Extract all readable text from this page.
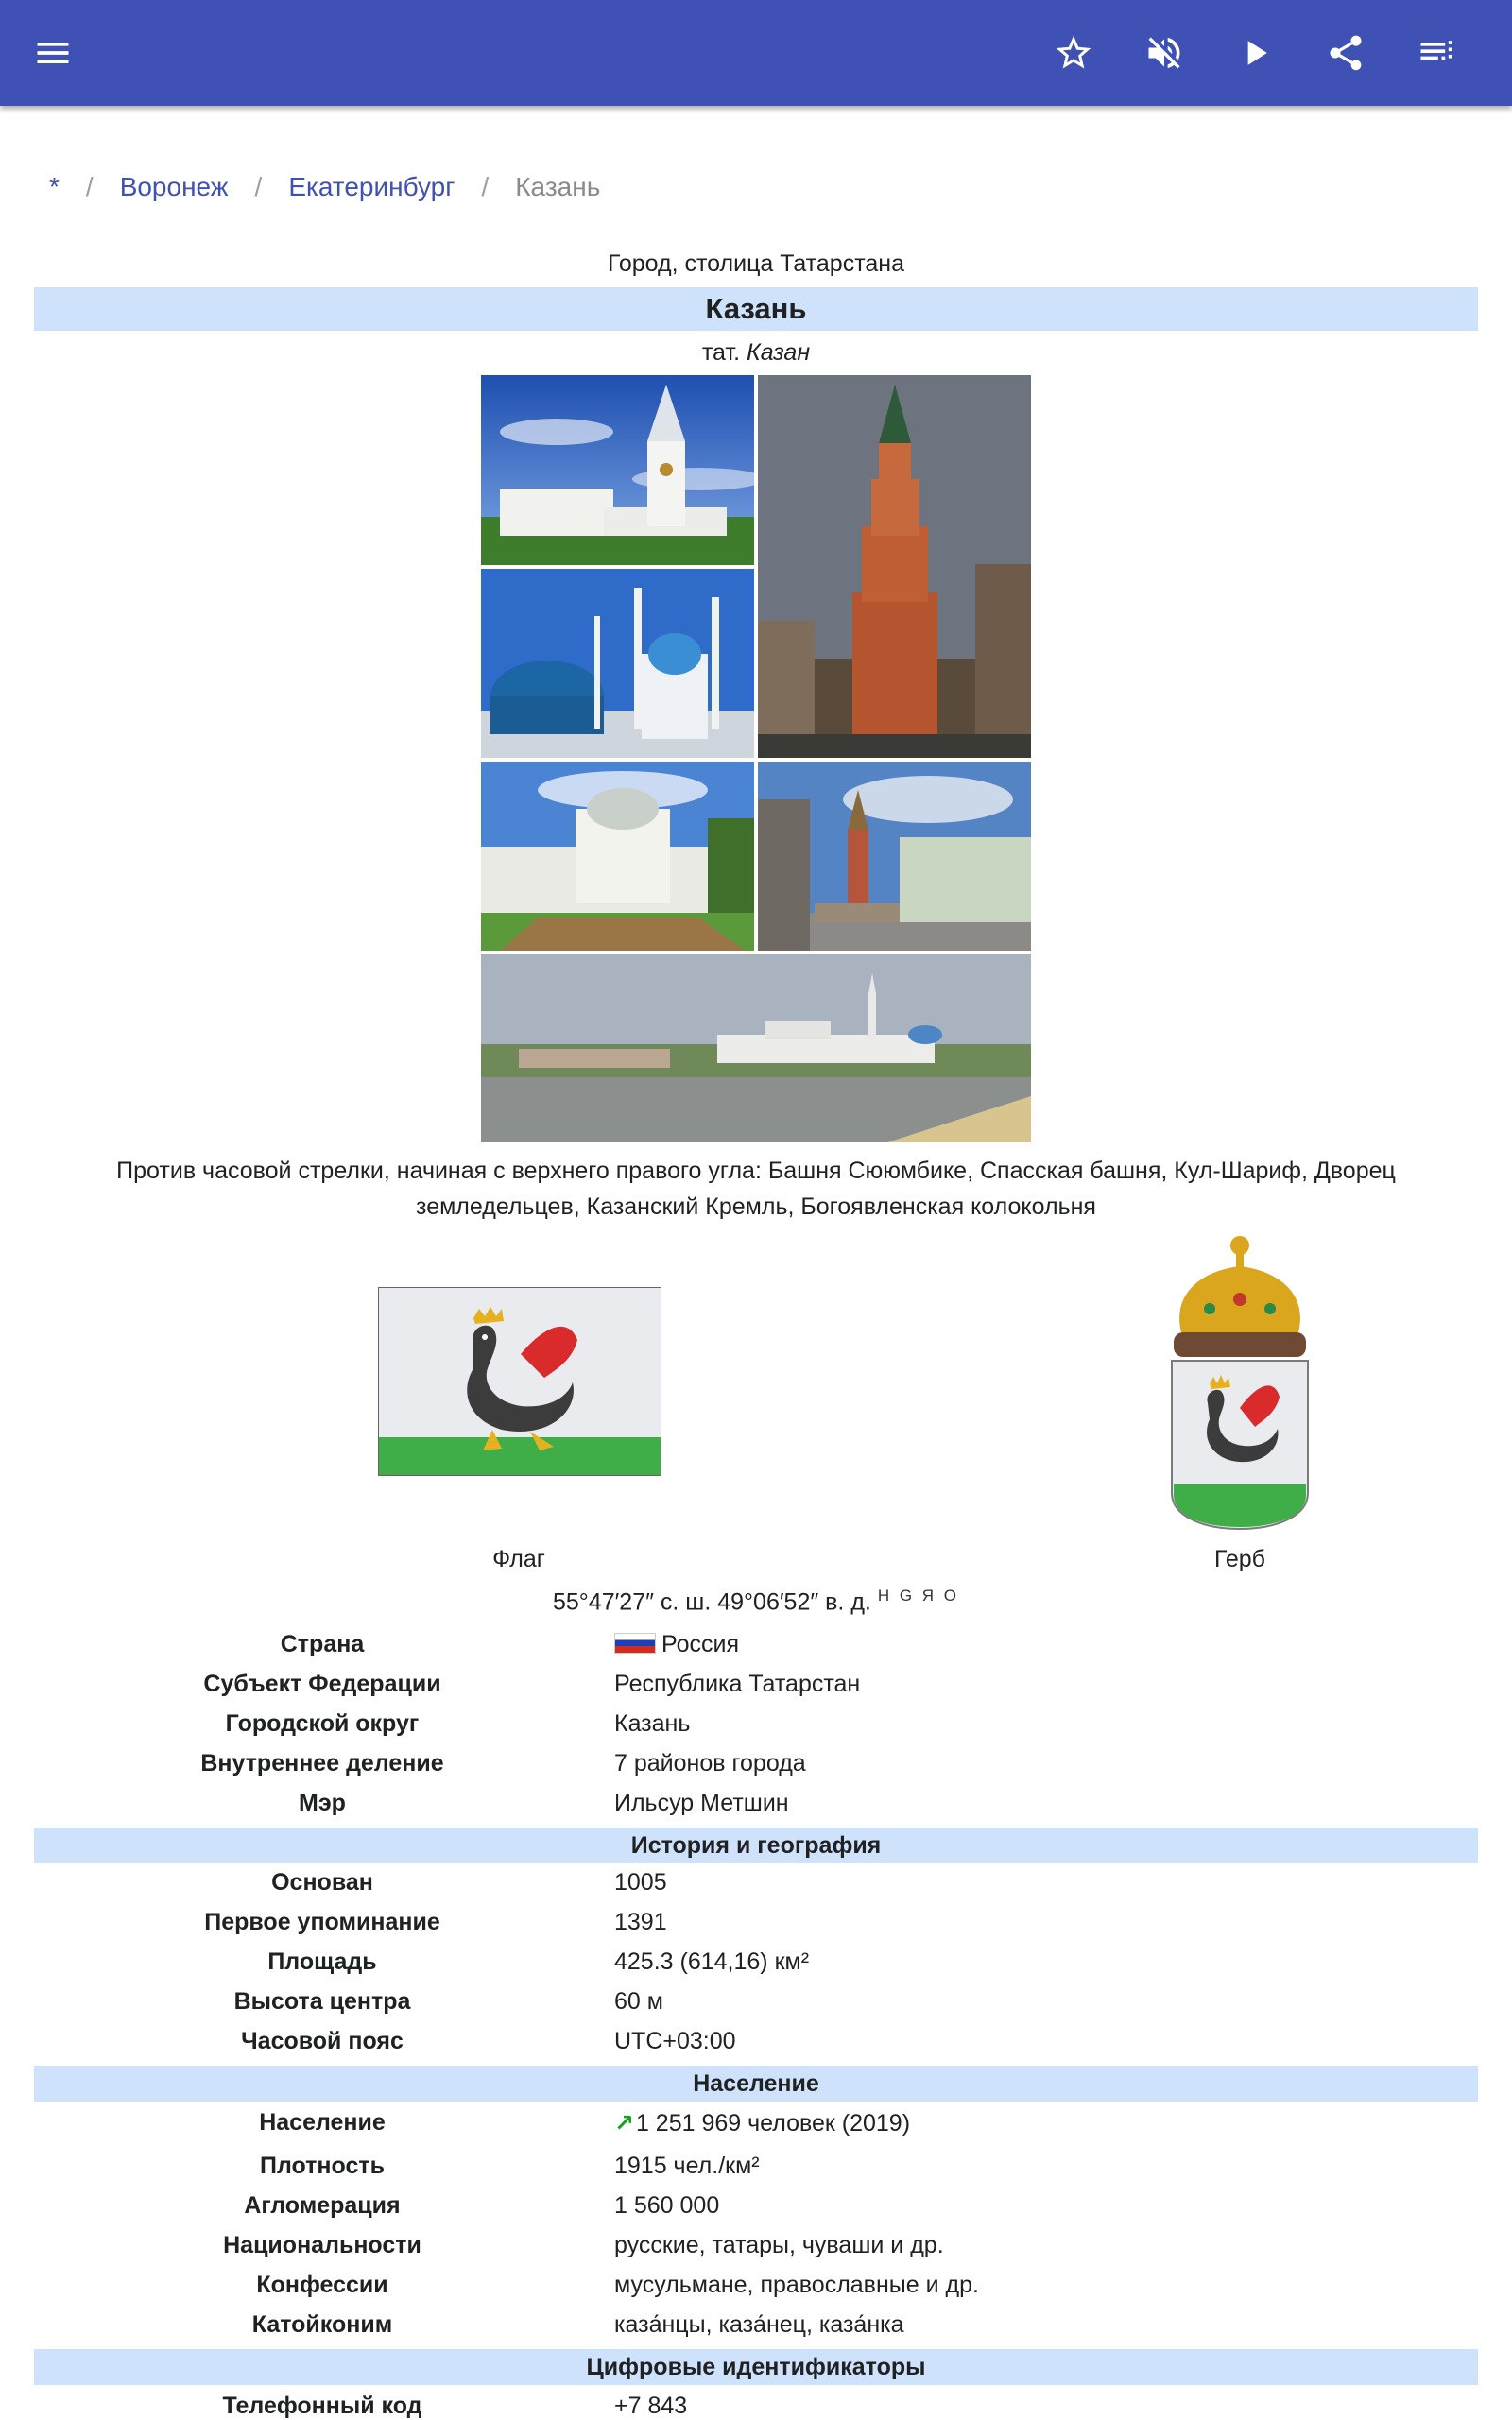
* / Воронеж / Екатеринбург / Казань
Город, столица Татарстана
Казань
тат. Казан
Против часовой стрелки, начиная с верхнего правого угла: Башня Сююмбике, Спасская башня, Кул-Шариф, Дворец земледельцев, Казанский Кремль, Богоявленская колокольня
Флаг	Герб
55°47′27″ с. ш. 49°06′52″ в. д. $^{H G Я O}$
Страна	Россия
Субъект Федерации	Республика Татарстан
Городской округ	Казань
Внутреннее деление	7 районов города
Мэр	Ильсур Метшин
История и география
Основан	1005
Первое упоминание	1391
Площадь	425.3 (614,16) км²
Высота центра	60 м
Часовой пояс	UTC+03:00
Население
Население	↗1 251 969 человек (2019)
Плотность	1915 чел./км²
Агломерация	1 560 000
Национальности	русские, татары, чуваши и др.
Конфессии	мусульмане, православные и др.
Катойконим	каза́нцы, каза́нец, каза́нка
Цифровые идентификаторы
Телефонный код	+7 843
